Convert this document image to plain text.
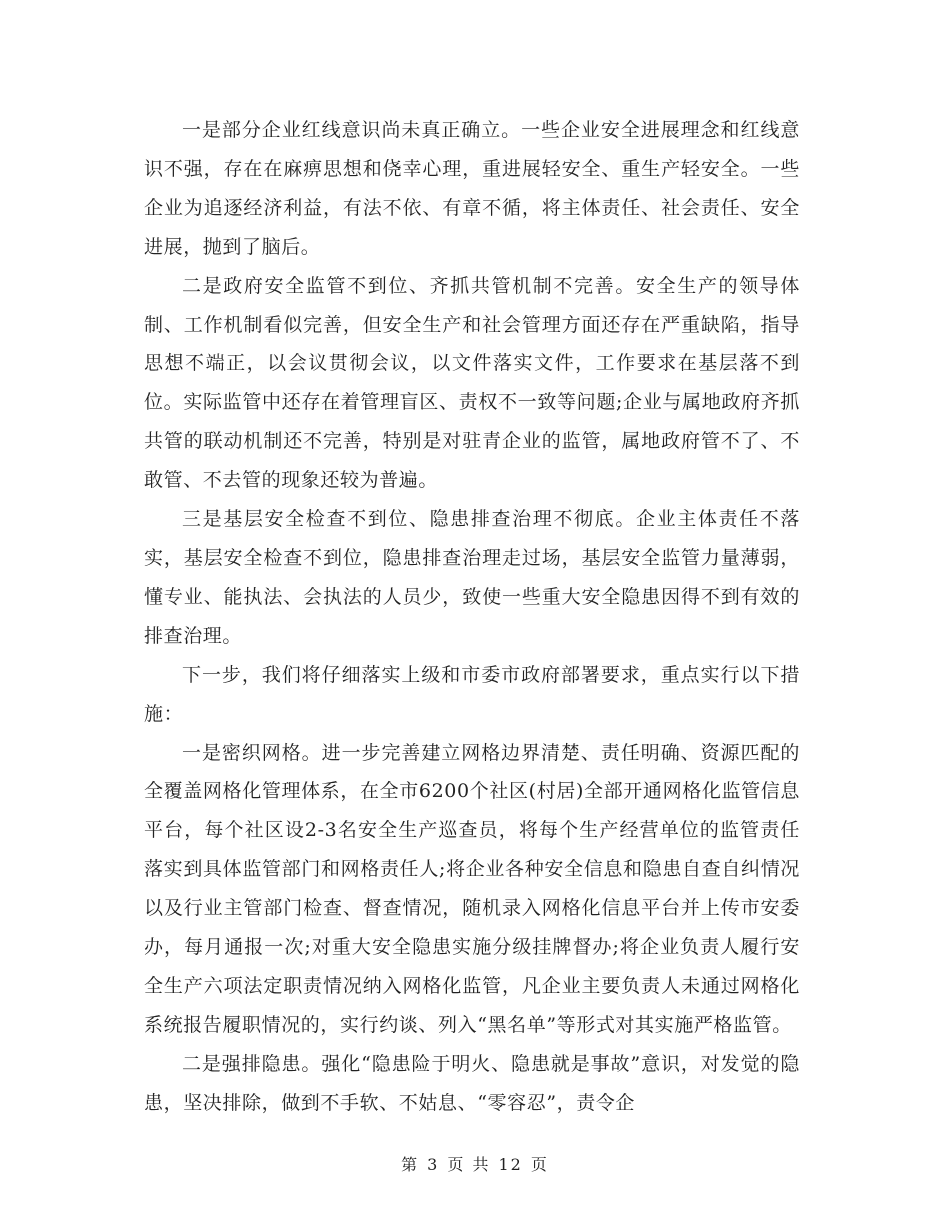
一是部分企业红线意识尚未真正确立。一些企业安全进展理念和红线意识不强，存在在麻痹思想和侥幸心理，重进展轻安全、重生产轻安全。一些企业为追逐经济利益，有法不依、有章不循，将主体责任、社会责任、安全进展，抛到了脑后。

二是政府安全监管不到位、齐抓共管机制不完善。安全生产的领导体制、工作机制看似完善，但安全生产和社会管理方面还存在严重缺陷，指导思想不端正，以会议贯彻会议，以文件落实文件，工作要求在基层落不到位。实际监管中还存在着管理盲区、责权不一致等问题;企业与属地政府齐抓共管的联动机制还不完善，特别是对驻青企业的监管，属地政府管不了、不敢管、不去管的现象还较为普遍。

三是基层安全检查不到位、隐患排查治理不彻底。企业主体责任不落实，基层安全检查不到位，隐患排查治理走过场，基层安全监管力量薄弱，懂专业、能执法、会执法的人员少，致使一些重大安全隐患因得不到有效的排查治理。

下一步，我们将仔细落实上级和市委市政府部署要求，重点实行以下措施：

一是密织网格。进一步完善建立网格边界清楚、责任明确、资源匹配的全覆盖网格化管理体系，在全市6200个社区(村居)全部开通网格化监管信息平台，每个社区设2-3名安全生产巡查员，将每个生产经营单位的监管责任落实到具体监管部门和网格责任人;将企业各种安全信息和隐患自查自纠情况以及行业主管部门检查、督查情况，随机录入网格化信息平台并上传市安委办，每月通报一次;对重大安全隐患实施分级挂牌督办;将企业负责人履行安全生产六项法定职责情况纳入网格化监管，凡企业主要负责人未通过网格化系统报告履职情况的，实行约谈、列入“黑名单”等形式对其实施严格监管。

二是强排隐患。强化“隐患险于明火、隐患就是事故”意识，对发觉的隐患，坚决排除，做到不手软、不姑息、“零容忍”，责令企

第 3 页 共 12 页
